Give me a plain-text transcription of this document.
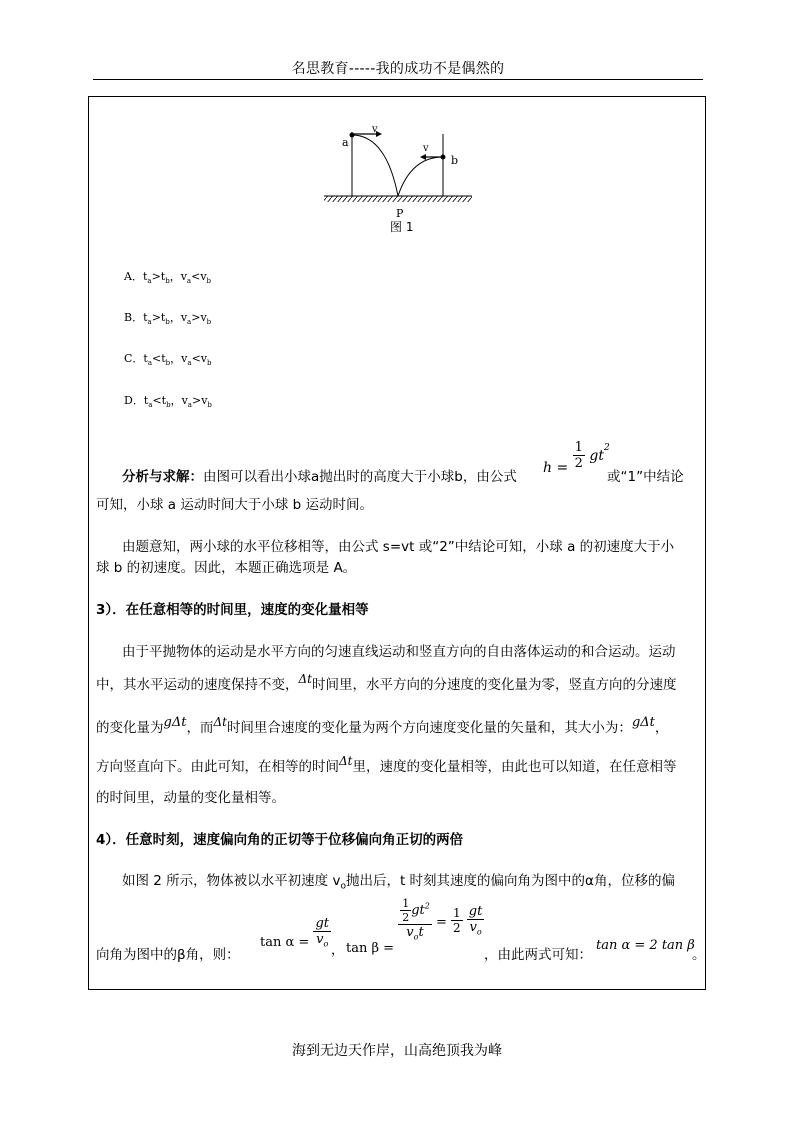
名思教育-----我的成功不是偶然的
a
v
v
b
P
图 1
A．$t_a>t_b$，$v_a<v_b$
B．$t_a>t_b$，$v_a>v_b$
C．$t_a<t_b$，$v_a<v_b$
D．$t_a<t_b$，$v_a>v_b$
分析与求解：由图可以看出小球a抛出时的高度大于小球b，由公式
$h = \frac{1}{2} gt^2$
或“1”中结论
可知，小球 a 运动时间大于小球 b 运动时间。
由题意知，两小球的水平位移相等，由公式 s=vt 或“2”中结论可知，小球 a 的初速度大于小
球 b 的初速度。因此，本题正确选项是 A。
3）．在任意相等的时间里，速度的变化量相等
由于平抛物体的运动是水平方向的匀速直线运动和竖直方向的自由落体运动的和合运动。运动
中，其水平运动的速度保持不变，Δt时间里，水平方向的分速度的变化量为零，竖直方向的分速度
的变化量为gΔt，而Δt时间里合速度的变化量为两个方向速度变化量的矢量和，其大小为：gΔt，
方向竖直向下。由此可知，在相等的时间Δt里，速度的变化量相等，由此也可以知道，在任意相等
的时间里，动量的变化量相等。
4）．任意时刻，速度偏向角的正切等于位移偏向角正切的两倍
如图 2 所示，物体被以水平初速度 $v_o$抛出后，t 时刻其速度的偏向角为图中的α角，位移的偏
向角为图中的β角，则：
$\tan \alpha = \frac{gt}{v_o}$
， tan β =
$\frac{\frac{1}{2} gt^2}{v_ot} = \frac{1}{2}$
$\frac{gt}{v_o}$
，由此两式可知：
tan α = 2 tan β
。
海到无边天作岸，山高绝顶我为峰
